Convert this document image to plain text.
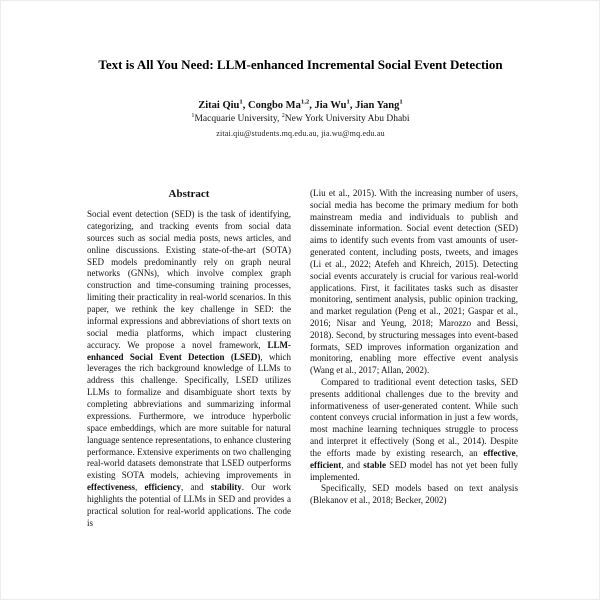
Text is All You Need: LLM-enhanced Incremental Social Event Detection
Zitai Qiu$^1$, Congbo Ma$^{1,2}$, Jia Wu$^1$, Jian Yang$^1$
$^1$Macquarie University, $^2$New York University Abu Dhabi
zitai.qiu@students.mq.edu.au, jia.wu@mq.edu.au
Abstract

Social event detection (SED) is the task of identifying, categorizing, and tracking events from social data sources such as social media posts, news articles, and online discussions. Existing state-of-the-art (SOTA) SED models predominantly rely on graph neural networks (GNNs), which involve complex graph construction and time-consuming training processes, limiting their practicality in real-world scenarios. In this paper, we rethink the key challenge in SED: the informal expressions and abbreviations of short texts on social media platforms, which impact clustering accuracy. We propose a novel framework, LLM-enhanced Social Event Detection (LSED), which leverages the rich background knowledge of LLMs to address this challenge. Specifically, LSED utilizes LLMs to formalize and disambiguate short texts by completing abbreviations and summarizing informal expressions. Furthermore, we introduce hyperbolic space embeddings, which are more suitable for natural language sentence representations, to enhance clustering performance. Extensive experiments on two challenging real-world datasets demonstrate that LSED outperforms existing SOTA models, achieving improvements in effectiveness, efficiency, and stability. Our work highlights the potential of LLMs in SED and provides a practical solution for real-world applications. The code is

(Liu et al., 2015). With the increasing number of users, social media has become the primary medium for both mainstream media and individuals to publish and disseminate information. Social event detection (SED) aims to identify such events from vast amounts of user-generated content, including posts, tweets, and images (Li et al., 2022; Atefeh and Khreich, 2015). Detecting social events accurately is crucial for various real-world applications. First, it facilitates tasks such as disaster monitoring, sentiment analysis, public opinion tracking, and market regulation (Peng et al., 2021; Gaspar et al., 2016; Nisar and Yeung, 2018; Marozzo and Bessi, 2018). Second, by structuring messages into event-based formats, SED improves information organization and monitoring, enabling more effective event analysis (Wang et al., 2017; Allan, 2002).

Compared to traditional event detection tasks, SED presents additional challenges due to the brevity and informativeness of user-generated content. While such content conveys crucial information in just a few words, most machine learning techniques struggle to process and interpret it effectively (Song et al., 2014). Despite the efforts made by existing research, an effective, efficient, and stable SED model has not yet been fully implemented.

Specifically, SED models based on text analysis (Blekanov et al., 2018; Becker, 2002)
